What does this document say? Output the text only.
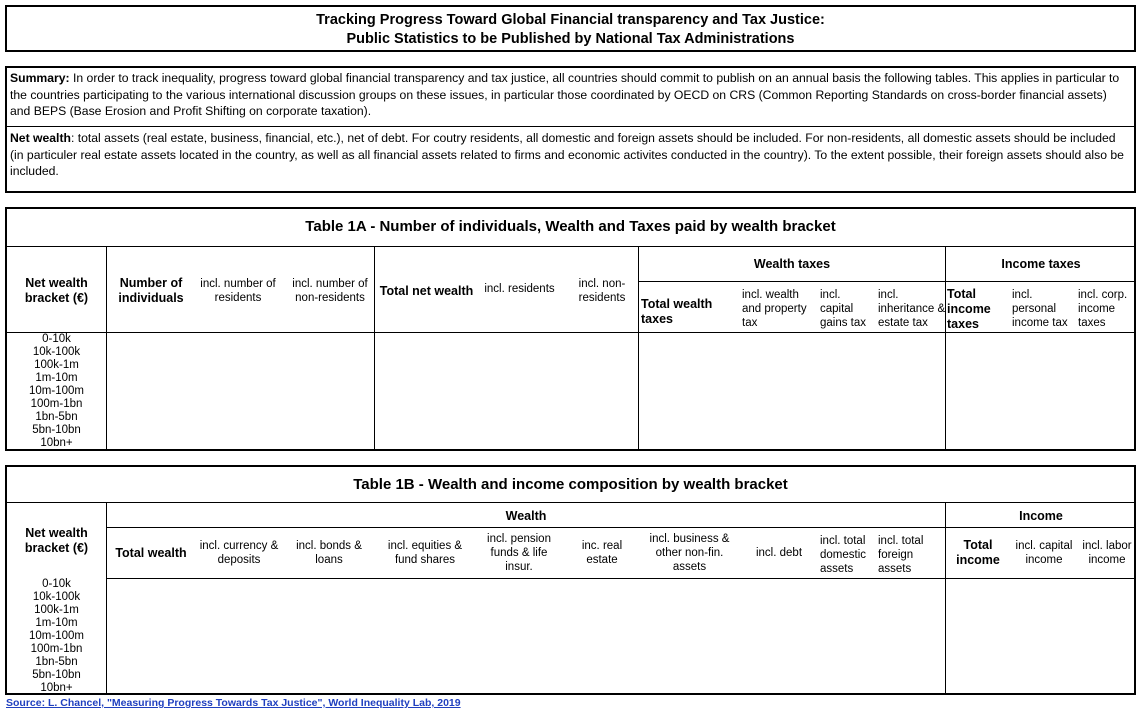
Tracking Progress Toward Global Financial transparency and Tax Justice:
Public Statistics to be Published by National Tax Administrations
Summary: In order to track inequality, progress toward global financial transparency and tax justice, all countries should commit to publish on an annual basis the following tables. This applies in particular to the countries participating to the various international discussion groups on these issues, in particular those coordinated by OECD on CRS (Common Reporting Standards on cross-border financial assets) and BEPS (Base Erosion and Profit Shifting on corporate taxation).
Net wealth: total assets (real estate, business, financial, etc.), net of debt. For coutry residents, all domestic and foreign assets should be included. For non-residents, all domestic assets should be included (in particuler real estate assets located in the country, as well as all financial assets related to firms and economic activites conducted in the country). To the extent possible, their foreign assets should also be included.
Table 1A - Number of individuals, Wealth and Taxes paid by wealth bracket
Net wealth bracket (€)
0-10k
10k-100k
100k-1m
1m-10m
10m-100m
100m-1bn
1bn-5bn
5bn-10bn
10bn+
Number of individuals
incl. number of residents
incl. number of non-residents
Total net wealth incl. residents	incl. non-residents
Wealth taxes
Total wealth taxes
incl. wealth and property tax
incl. capital gains tax
incl. inheritance & estate tax
Income taxes
Total income taxes
incl. personal income tax
incl. corp. income taxes
Table 1B - Wealth and income composition by wealth bracket
Net wealth bracket (€)
0-10k
10k-100k
100k-1m
1m-10m
10m-100m
100m-1bn
1bn-5bn
5bn-10bn
10bn+
Wealth
Total wealth	incl. currency & deposits
incl. bonds & loans
incl. equities & fund shares
incl. pension funds & life insur.
inc. real estate
incl. business & other non-fin. assets
incl. debt
incl. total domestic assets
incl. total foreign assets
Income
Total income
incl. capital income
incl. labor income
Source: L. Chancel, "Measuring Progress Towards Tax Justice", World Inequality Lab, 2019
